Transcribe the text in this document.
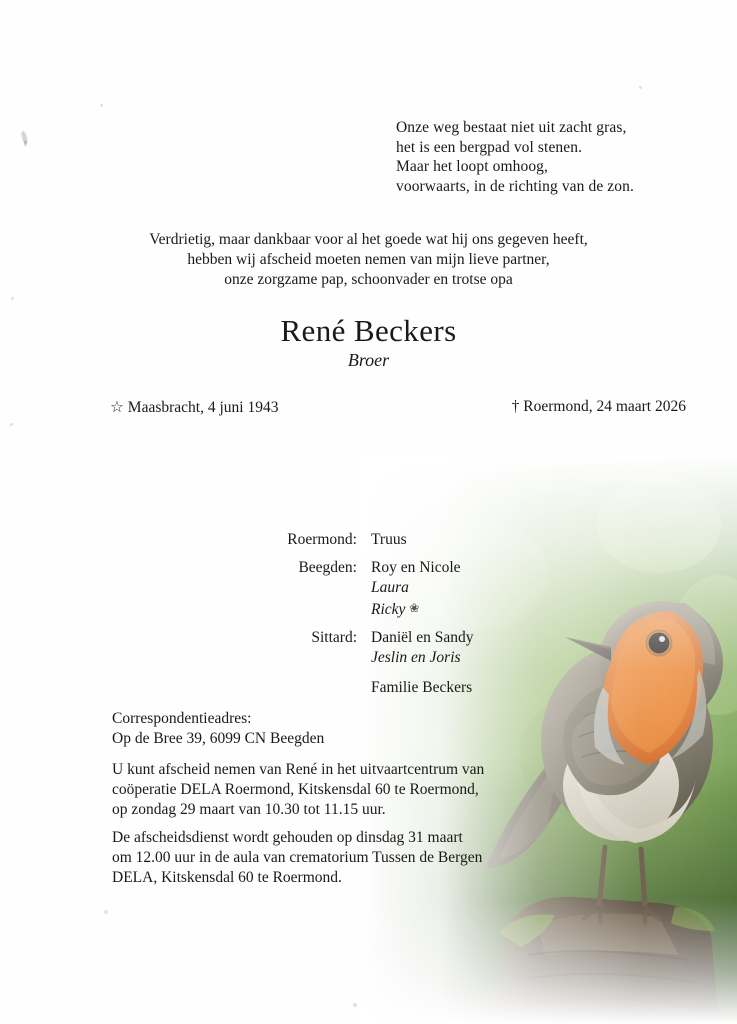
Onze weg bestaat niet uit zacht gras,
het is een bergpad vol stenen.
Maar het loopt omhoog,
voorwaarts, in de richting van de zon.
Verdrietig, maar dankbaar voor al het goede wat hij ons gegeven heeft,
hebben wij afscheid moeten nemen van mijn lieve partner,
onze zorgzame pap, schoonvader en trotse opa
René Beckers
Broer
☆ Maasbracht, 4 juni 1943	† Roermond, 24 maart 2026
Roermond: Truus
Beegden: Roy en Nicole
Laura
Ricky ❀
Sittard: Daniël en Sandy
Jeslin en Joris
Familie Beckers
Correspondentieadres:
Op de Bree 39, 6099 CN Beegden
U kunt afscheid nemen van René in het uitvaartcentrum van
coöperatie DELA Roermond, Kitskensdal 60 te Roermond,
op zondag 29 maart van 10.30 tot 11.15 uur.
De afscheidsdienst wordt gehouden op dinsdag 31 maart
om 12.00 uur in de aula van crematorium Tussen de Bergen
DELA, Kitskensdal 60 te Roermond.
